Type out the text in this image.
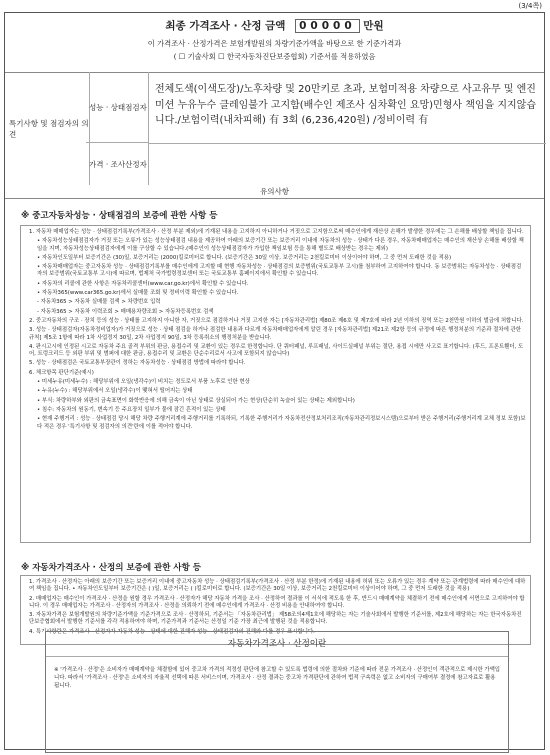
(3/4쪽)
최종 가격조사 · 산정 금액 00000 만원
이 가격조사 · 산정가격은 보험개발원의 차량기준가액을 바탕으로 한 기준가격과
( ☐ 기술사회 ☐ 한국자동차진단보증협회) 기준서를 적용하였음
특기사항 및 점검자의 의견
성능 · 상태점검자
전체도색(이색도장)/노후차량 및 20만키로 초과, 보험미적용 차량으로 사고유무 및 엔진미션 누유누수 클레임불가 고지함(배수인 제조사 심차확인 요망)민형사 책임을 지지않습니다./보험이력(내차피해) 有 3회 (6,236,420원) /정비이력 有
가격 · 조사산정자
유의사항
※ 중고자동차성능 · 상태점검의 보증에 관한 사항 등
1. 자동차 매매업자는 성능 · 상태점검기록부(가격조사 · 산정 부분 제외)에 기재된 내용을 고지하지 아니하거나 거짓으로 고지함으로써 매수인에게 재산상 손해가 발생한 경우에는 그 손해를 배상할 책임을 집니다.
• 자동차성능상태점검자가 거짓 또는 오류가 있는 성능상태점검 내용을 제공하여 아래의 보증기간 또는 보증거리 이내에 자동차의 성능 · 상태가 다른 경우, 자동차매매업자는 매수인의 재산상 손해를 배상할 책임을 지며, 자동차성능상태점검자에게 이를 구상할 수 있습니다.(매수인이 성능상태점검자가 가입한 책임보험 등을 통해 별도로 배상받는 경우는 제외)
• 자동차인도일부터 보증기간은 (30)일, 보증거리는 (2000)킬로미터로 합니다. (보증기간은 30일 이상, 보증거리는 2천킬로미터 이상이어야 하며, 그 중 먼저 도래한 것을 적용)
• 자동차매매업자는 중고자동차 성능 · 상태점검기록부를 매수인에게 고지할 때 현행 자동차성능 · 상태점검의 보증범위(국토교통부 고시)를 첨부하여 고지하여야 합니다. 동 보증범위는 자동차성능 · 상태점검자의 보증범위(국토교통부 고시)에 따르며, 법제처 국가법령정보센터 또는 국토교통부 홈페이지에서 확인할 수 있습니다.
• 자동차의 리콜에 관한 사항은 자동차리콜센터(www.car.go.kr)에서 확인할 수 있습니다.
• 자동차365(www.car365.go.kr)에서 실매물 조회 및 정비이력 확인할 수 있습니다.
- 자동차365 > 자동차 실매물 검색 > 차량번호 입력
- 자동차365 > 자동차 이력조회 > 매매용차량조회 > 자동차등록번호 검색
2. 중고자동차의 구조 · 장치 등의 성능 · 상태를 고지하지 아니한 자, 거짓으로 점검하거나 거짓 고지한 자는 [자동차관리법] 제80조 제6호 및 제7호에 따라 2년 이하의 징역 또는 2천만원 이하의 벌금에 처합니다.
3. 성능 · 상태점검자(자동차정비업자)가 거짓으로 성능 · 상태 점검을 하거나 점검한 내용과 다르게 자동차매매업자에게 알린 경우 [자동차관리법] 제21조 제2항 등의 규정에 따른 행정처분의 기준과 절차에 관한 규칙] 제5조 1항에 따라 1차 사업정지 30일, 2차 사업정지 90일, 3차 등록취소의 행정처분을 받습니다.
4. 판시고시에 인정된 시고로 자동차 주요 골격 부위의 판금, 용접수리 및 교환이 있는 경우로 한정합니다. 단 쿼터패널, 루프패널, 사이드실패널 부위는 절단, 용접 시에만 사고로 표기합니다. (후드, 프론트휀더, 도어, 트렁크리드 등 외판 부위 및 범퍼에 대한 판금, 용접수리 및 교환은 단순수리로서 사고에 포함되지 않습니다)
5. 성능 · 상태점검은 국토교통부장관이 정하는 자동차성능 · 상태점검 방법에 따라야 합니다.
6. 체크항목 판단기준(예시)
• 미세누유(미세누수) : 해당부위에 오일(냉각수)이 비치는 정도로서 부품 노후로 인한 현상
• 누유(누수) : 해당부위에서 오일(냉각수)이 맺혀서 떨어지는 상태
• 부식: 차량하부와 외판의 금속표면이 화학반응에 의해 금속이 아닌 상태로 상실되어 가는 현상(단순히 녹슬어 있는 상태는 제외합니다)
• 침수: 자동차의 원동기, 변속기 등 주요장치 일부가 물에 잠긴 흔적이 있는 상태
• 현재 주행거리 : 성능 · 상태점검 당시 해당 차량 주행거리계에 주행거리를 기록하되, 기록한 주행거리가 자동차전산정보처리조직(자동차관리정보시스템)으로부터 받은 주행거리(주행거리계 교체 정보 포함)보다 적은 경우 '특기사항 및 점검자의 의견'란에 이를 적어야 합니다.
※ 자동차가격조사 · 산정의 보증에 관한 사항 등
1. 가격조사 · 산정자는 아래의 보증기간 또는 보증거리 이내에 중고자동차 성능 · 상태점검기록부(가격조사 · 산정 부분 한정)에 기재된 내용에 허위 또는 오류가 있는 경우 계약 또는 관계법령에 따라 매수인에 대하여 책임을 집니다. • 자동차인도일부터 보증기간은 ( )일, 보증거리는 ( )킬로미터로 합니다. (보증기간은 30일 이상, 보증거리는 2천킬로미터 이상이어야 하며, 그 중 먼저 도래한 것을 적용)
2. 매매업자는 매수인이 가격조사 · 산정을 원할 경우 가격조사 · 산정자가 해당 자동차 가격을 조사 · 산정하여 결과를 이 서식에 적도록 한 후, 반드시 매매계약을 체결하기 전에 매수인에게 서면으로 고지하여야 합니다. 이 경우 매매업자는 가격조사 · 산정자의 가격조사 · 산정을 의뢰하기 전에 매수인에게 가격조사 · 산정 비용을 안내하여야 합니다.
3. 자동차가격은 보험개발원의 차량기준가액을 기준가격으로 조사 · 산정하되, 기준서는 「자동차관리법」 제58조의4제1호에 해당하는 자는 기술사회에서 발행한 기준서를, 제2호에 해당하는 자는 한국자동차진단보증협회에서 발행한 기준서를 각각 적용하여야 하며, 기준가격과 기준서는 산정일 기준 가장 최근에 발행된 것을 적용합니다.
4. 특기사항란은 가격조사 · 산정자가 자동차 성능 · 상태에 대한 건해가 성능 · 상태점검자의 건해와 다를 경우 표시합니다.
자동차가격조사 · 산정이란
※ '가격조사 · 산정'은 소비자가 매매계약을 체결함에 있어 중고차 가격의 적정성 판단에 참고할 수 있도록 법령에 의한 절차와 기준에 따라 전문 가격조사 · 산정인이 객관적으로 제시한 가액입니다. 따라서 '가격조사 · 산정'은 소비자의 자율적 선택에 따른 서비스이며, 가격조사 · 산정 결과는 중고차 가격판단에 관하여 법적 구속력은 없고 소비자의 구매여부 결정에 참고자료로 활용됩니다.
